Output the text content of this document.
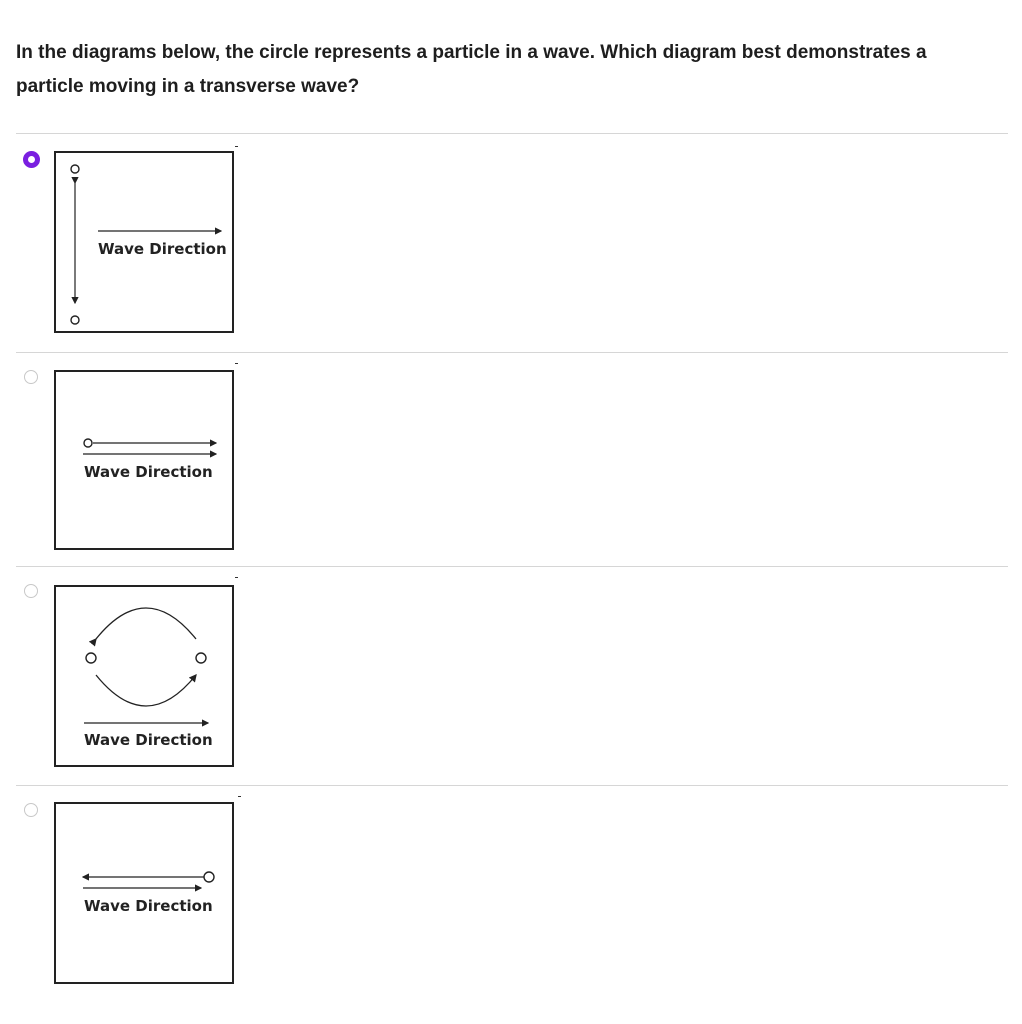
In the diagrams below, the circle represents a particle in a wave. Which diagram best demonstrates a
particle moving in a transverse wave?
Wave Direction
Wave Direction
Wave Direction
Wave Direction
